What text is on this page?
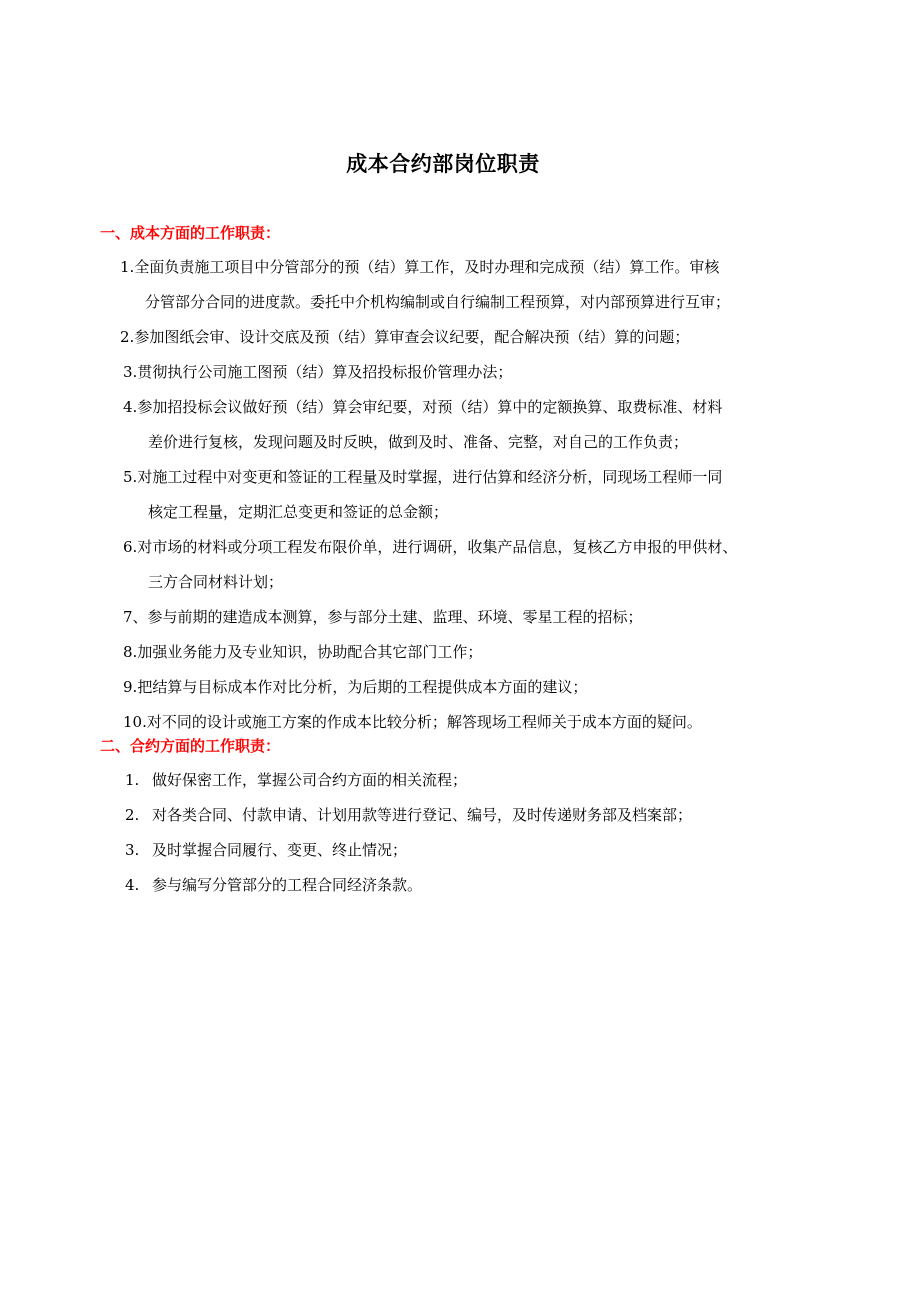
成本合约部岗位职责
一、成本方面的工作职责：
1.全面负责施工项目中分管部分的预（结）算工作，及时办理和完成预（结）算工作。审核
分管部分合同的进度款。委托中介机构编制或自行编制工程预算，对内部预算进行互审；
2.参加图纸会审、设计交底及预（结）算审查会议纪要，配合解决预（结）算的问题；
3.贯彻执行公司施工图预（结）算及招投标报价管理办法；
4.参加招投标会议做好预（结）算会审纪要，对预（结）算中的定额换算、取费标准、材料
差价进行复核，发现问题及时反映，做到及时、准备、完整，对自己的工作负责；
5.对施工过程中对变更和签证的工程量及时掌握，进行估算和经济分析，同现场工程师一同
核定工程量，定期汇总变更和签证的总金额；
6.对市场的材料或分项工程发布限价单，进行调研，收集产品信息，复核乙方申报的甲供材、
三方合同材料计划；
7、参与前期的建造成本测算，参与部分土建、监理、环境、零星工程的招标；
8.加强业务能力及专业知识，协助配合其它部门工作；
9.把结算与目标成本作对比分析，为后期的工程提供成本方面的建议；
10.对不同的设计或施工方案的作成本比较分析；解答现场工程师关于成本方面的疑问。
二、合约方面的工作职责：
1. 做好保密工作，掌握公司合约方面的相关流程；
2. 对各类合同、付款申请、计划用款等进行登记、编号，及时传递财务部及档案部；
3. 及时掌握合同履行、变更、终止情况；
4. 参与编写分管部分的工程合同经济条款。
